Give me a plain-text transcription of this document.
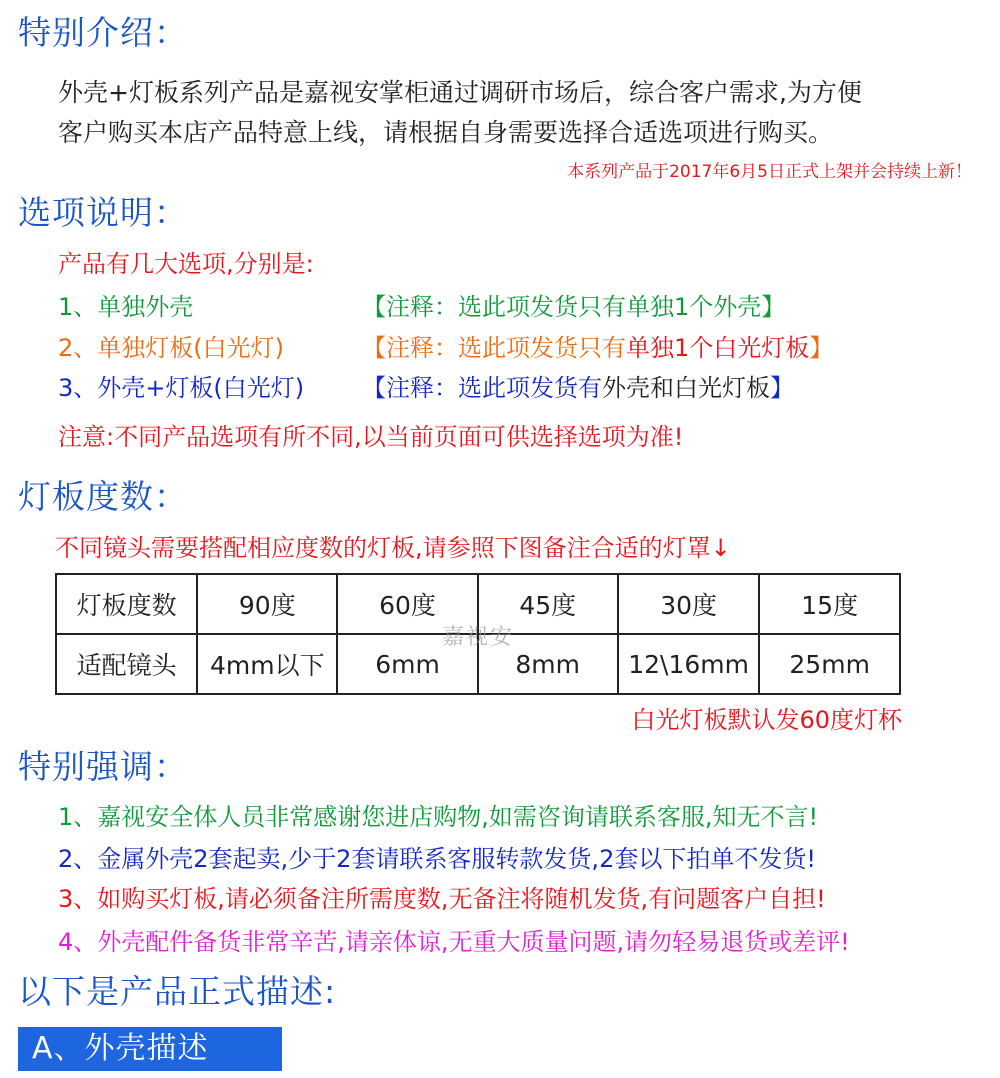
特别介绍：
外壳+灯板系列产品是嘉视安掌柜通过调研市场后，综合客户需求,为方便
客户购买本店产品特意上线，请根据自身需要选择合适选项进行购买。
本系列产品于2017年6月5日正式上架并会持续上新！
选项说明：
产品有几大选项,分别是:
1、单独外壳	【注释：选此项发货只有单独1个外壳】
2、单独灯板(白光灯)	【注释：选此项发货只有单独1个白光灯板】
3、外壳+灯板(白光灯) 【注释：选此项发货有外壳和白光灯板】
注意:不同产品选项有所不同,以当前页面可供选择选项为准!
灯板度数：
不同镜头需要搭配相应度数的灯板,请参照下图备注合适的灯罩↓
灯板度数	90度	60度	45度	30度	15度
适配镜头	4mm以下	6mm	8mm	12\16mm	25mm
嘉视安
白光灯板默认发60度灯杯
特别强调：
1、嘉视安全体人员非常感谢您进店购物,如需咨询请联系客服,知无不言!
2、金属外壳2套起卖,少于2套请联系客服转款发货,2套以下拍单不发货!
3、如购买灯板,请必须备注所需度数,无备注将随机发货,有问题客户自担!
4、外壳配件备货非常辛苦,请亲体谅,无重大质量问题,请勿轻易退货或差评!
以下是产品正式描述:
A、外壳描述
